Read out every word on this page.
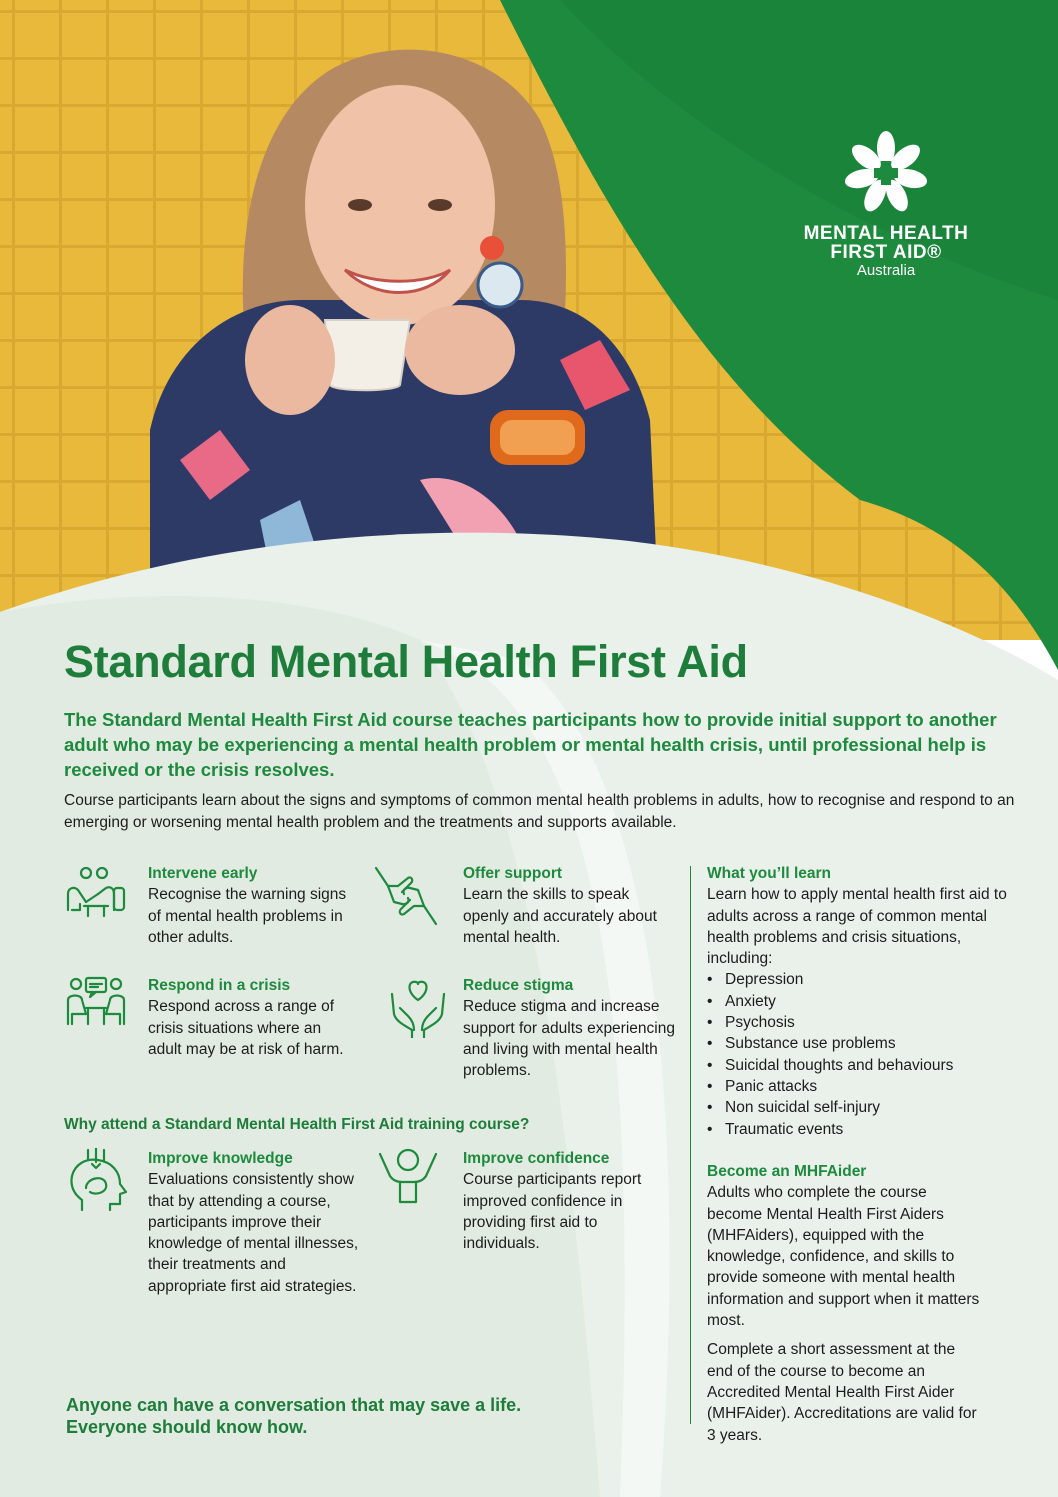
MENTAL HEALTH
FIRST AID®
Australia
Standard Mental Health First Aid

The Standard Mental Health First Aid course teaches participants how to provide initial support to another adult who may be experiencing a mental health problem or mental health crisis, until professional help is received or the crisis resolves.

Course participants learn about the signs and symptoms of common mental health problems in adults, how to recognise and respond to an emerging or worsening mental health problem and the treatments and supports available.

Intervene early
Recognise the warning signs of mental health problems in other adults.
Offer support
Learn the skills to speak openly and accurately about mental health.
Respond in a crisis
Respond across a range of crisis situations where an adult may be at risk of harm.
Reduce stigma
Reduce stigma and increase support for adults experiencing and living with mental health problems.
Why attend a Standard Mental Health First Aid training course?
Improve knowledge
Evaluations consistently show that by attending a course, participants improve their knowledge of mental illnesses, their treatments and appropriate first aid strategies.
Improve confidence
Course participants report improved confidence in providing first aid to individuals.

Anyone can have a conversation that may save a life.
Everyone should know how.

What you’ll learn

Learn how to apply mental health first aid to adults across a range of common mental health problems and crisis situations, including:

• Depression
• Anxiety
• Psychosis
• Substance use problems
• Suicidal thoughts and behaviours
• Panic attacks
• Non suicidal self-injury
• Traumatic events
Become an MHFAider

Adults who complete the course become Mental Health First Aiders (MHFAiders), equipped with the knowledge, confidence, and skills to provide someone with mental health information and support when it matters most.

Complete a short assessment at the end of the course to become an Accredited Mental Health First Aider (MHFAider). Accreditations are valid for 3 years.
